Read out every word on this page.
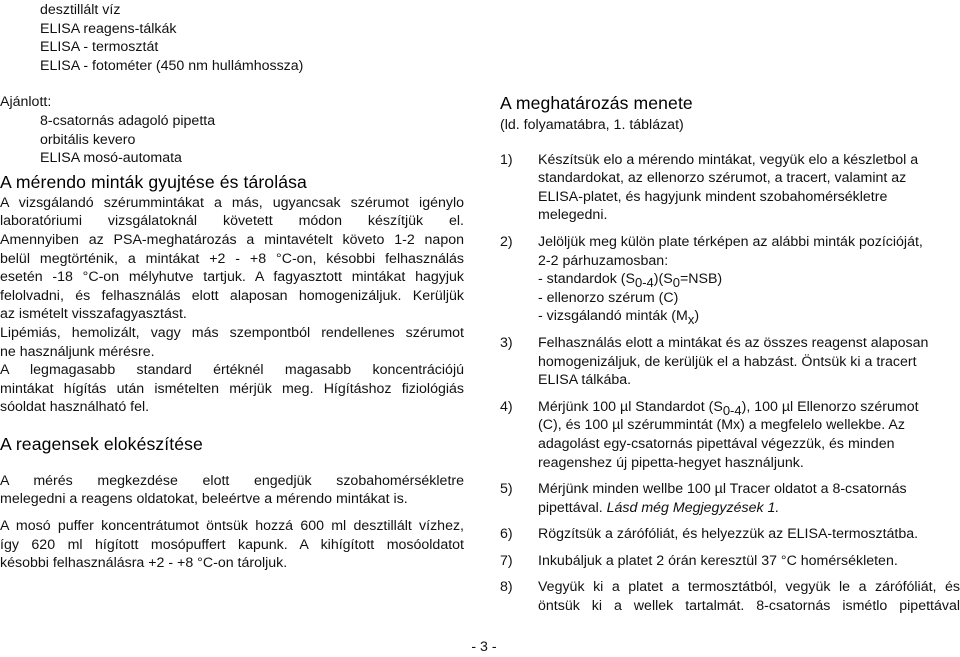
desztillált víz

ELISA reagens-tálkák

ELISA - termosztát

ELISA - fotométer (450 nm hullámhossza)

Ajánlott:

8-csatornás adagoló pipetta

orbitális kevero

ELISA mosó-automata

A mérendo minták gyujtése és tárolása

A vizsgálandó szérummintákat a más, ugyancsak szérumot igénylo

laboratóriumi vizsgálatoknál követett módon készítjük el.

Amennyiben az PSA-meghatározás a mintavételt követo 1-2 napon

belül megtörténik, a mintákat +2 - +8 °C-on, késobbi felhasználás

esetén -18 °C-on mélyhutve tartjuk. A fagyasztott mintákat hagyjuk

felolvadni, és felhasználás elott alaposan homogenizáljuk. Kerüljük

az ismételt visszafagyasztást.

Lipémiás, hemolizált, vagy más szempontból rendellenes szérumot

ne használjunk mérésre.

A legmagasabb standard értéknél magasabb koncentrációjú

mintákat hígítás után ismételten mérjük meg. Hígításhoz fiziológiás

sóoldat használható fel.

A reagensek elokészítése

A mérés megkezdése elott engedjük szobahomérsékletre

melegedni a reagens oldatokat, beleértve a mérendo mintákat is.

A mosó puffer koncentrátumot öntsük hozzá 600 ml desztillált vízhez,

így 620 ml hígított mosópuffert kapunk. A kihígított mosóoldatot

késobbi felhasználásra +2 - +8 °C-on tároljuk.

A meghatározás menete

(ld. folyamatábra, 1. táblázat)

1) Készítsük elo a mérendo mintákat, vegyük elo a készletbol a

standardokat, az ellenorzo szérumot, a tracert, valamint az

ELISA-platet, és hagyjunk mindent szobahomérsékletre

melegedni.

2) Jelöljük meg külön plate térképen az alábbi minták pozícióját,

2-2 párhuzamosban:

- standardok $(S_{0-4})(S_0=NSB)$

- ellenorzo szérum (C)

- vizsgálandó minták $(M_x)$

3) Felhasználás elott a mintákat és az összes reagenst alaposan

homogenizáljuk, de kerüljük el a habzást. Öntsük ki a tracert

ELISA tálkába.

4) Mérjünk 100 µl Standardot $(S_{0-4})$, 100 µl Ellenorzo szérumot

(C), és 100 µl szérummintát (Mx) a megfelelo wellekbe. Az

adagolást egy-csatornás pipettával végezzük, és minden

reagenshez új pipetta-hegyet használjunk.

5) Mérjünk minden wellbe 100 µl Tracer oldatot a 8-csatornás

pipettával. Lásd még Megjegyzések 1.

6) Rögzítsük a zárófóliát, és helyezzük az ELISA-termosztátba.

7) Inkubáljuk a platet 2 órán keresztül 37 °C homérsékleten.

8) Vegyük ki a platet a termosztátból, vegyük le a zárófóliát, és

öntsük ki a wellek tartalmát. 8-csatornás ismétlo pipettával

- 3 -
